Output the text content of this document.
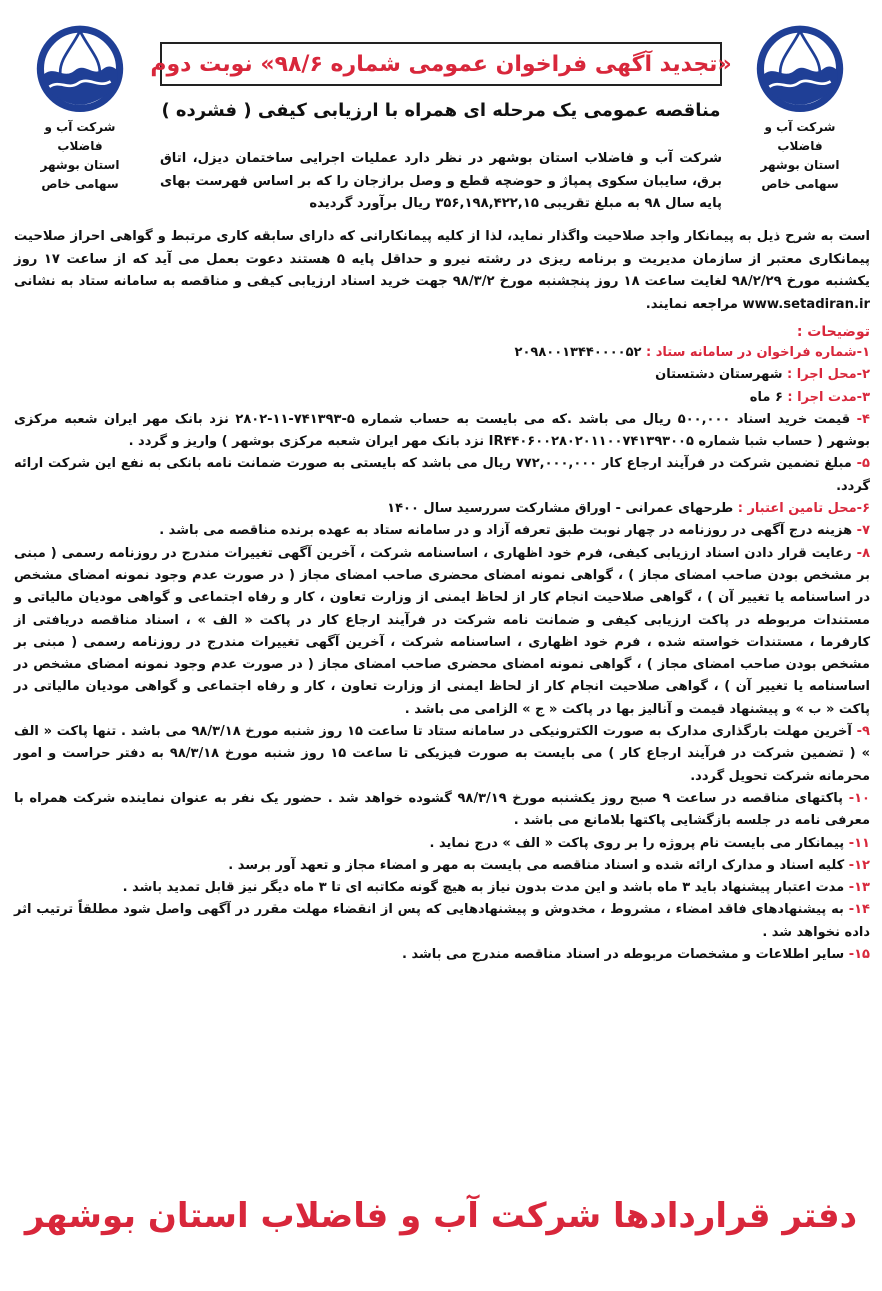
شرکت آب و فاضلاب
استان بوشهر
سهامی خاص
شرکت آب و فاضلاب
استان بوشهر
سهامی خاص
«تجدید آگهی فراخوان عمومی شماره ۹۸/۶» نوبت دوم
مناقصه عمومی یک مرحله ای همراه با ارزیابی کیفی ( فشرده )
شرکت آب و فاضلاب استان بوشهر در نظر دارد عملیات اجرایی ساختمان دیزل، اتاق برق، سایبان سکوی پمپاژ و حوضچه قطع و وصل برازجان را که بر اساس فهرست بهای پایه سال ۹۸ به مبلغ تقریبی ۳۵۶,۱۹۸,۴۲۲,۱۵ ریال برآورد گردیده
است به شرح ذیل به پیمانکار واجد صلاحیت واگذار نماید، لذا از کلیه پیمانکارانی که دارای سابقه کاری مرتبط و گواهی احراز صلاحیت پیمانکاری معتبر از سازمان مدیریت و برنامه ریزی در رشته نیرو و حداقل پایه ۵ هستند دعوت بعمل می آید که از ساعت ۱۷ روز یکشنبه مورخ ۹۸/۲/۲۹ لغایت ساعت ۱۸ روز پنجشنبه مورخ ۹۸/۳/۲ جهت خرید اسناد ارزیابی کیفی و مناقصه به سامانه ستاد به نشانی www.setadiran.ir مراجعه نمایند.
توضیحات :
۱-شماره فراخوان در سامانه ستاد : ۲۰۹۸۰۰۱۳۴۴۰۰۰۰۵۲
۲-محل اجرا : شهرستان دشتستان
۳-مدت اجرا : ۶ ماه
۴- قیمت خرید اسناد ۵۰۰,۰۰۰ ریال می باشد .که می بایست به حساب شماره ۵-۷۴۱۳۹۳-۱۱-۲۸۰۲ نزد بانک مهر ایران شعبه مرکزی بوشهر ( حساب شبا شماره IR۴۴۰۶۰۰۲۸۰۲۰۱۱۰۰۷۴۱۳۹۳۰۰۵ نزد بانک مهر ایران شعبه مرکزی بوشهر ) واریز و گردد .
۵- مبلغ تضمین شرکت در فرآیند ارجاع کار ۷۷۲,۰۰۰,۰۰۰ ریال می باشد که بایستی به صورت ضمانت نامه بانکی به نفع این شرکت ارائه گردد.
۶-محل تامین اعتبار : طرحهای عمرانی - اوراق مشارکت سررسید سال ۱۴۰۰
۷- هزینه درج آگهی در روزنامه در چهار نوبت طبق تعرفه آزاد و در سامانه ستاد به عهده برنده مناقصه می باشد .
۸- رعایت قرار دادن اسناد ارزیابی کیفی، فرم خود اظهاری ، اساسنامه شرکت ، آخرین آگهی تغییرات مندرج در روزنامه رسمی ( مبنی بر مشخص بودن صاحب امضای مجاز ) ، گواهی نمونه امضای محضری صاحب امضای مجاز ( در صورت عدم وجود نمونه امضای مشخص در اساسنامه یا تغییر آن ) ، گواهی صلاحیت انجام کار از لحاظ ایمنی از وزارت تعاون ، کار و رفاه اجتماعی و گواهی مودیان مالیاتی و مستندات مربوطه در پاکت ارزیابی کیفی و ضمانت نامه شرکت در فرآیند ارجاع کار در پاکت « الف » ، اسناد مناقصه دریافتی از کارفرما ، مستندات خواسته شده ، فرم خود اظهاری ، اساسنامه شرکت ، آخرین آگهی تغییرات مندرج در روزنامه رسمی ( مبنی بر مشخص بودن صاحب امضای مجاز ) ، گواهی نمونه امضای محضری صاحب امضای مجاز ( در صورت عدم وجود نمونه امضای مشخص در اساسنامه یا تغییر آن ) ، گواهی صلاحیت انجام کار از لحاظ ایمنی از وزارت تعاون ، کار و رفاه اجتماعی و گواهی مودیان مالیاتی در پاکت « ب » و پیشنهاد قیمت و آنالیز بها در پاکت « ج » الزامی می باشد .
۹- آخرین مهلت بارگذاری مدارک به صورت الکترونیکی در سامانه ستاد تا ساعت ۱۵ روز شنبه مورخ ۹۸/۳/۱۸ می باشد . تنها پاکت « الف » ( تضمین شرکت در فرآیند ارجاع کار ) می بایست به صورت فیزیکی تا ساعت ۱۵ روز شنبه مورخ ۹۸/۳/۱۸ به دفتر حراست و امور محرمانه شرکت تحویل گردد.
۱۰- پاکتهای مناقصه در ساعت ۹ صبح روز یکشنبه مورخ ۹۸/۳/۱۹ گشوده خواهد شد . حضور یک نفر به عنوان نماینده شرکت همراه با معرفی نامه در جلسه بازگشایی پاکتها بلامانع می باشد .
۱۱- پیمانکار می بایست نام پروژه را بر روی پاکت « الف » درج نماید .
۱۲- کلیه اسناد و مدارک ارائه شده و اسناد مناقصه می بایست به مهر و امضاء مجاز و تعهد آور برسد .
۱۳- مدت اعتبار پیشنهاد باید ۳ ماه باشد و این مدت بدون نیاز به هیچ گونه مکاتبه ای تا ۳ ماه دیگر نیز قابل تمدید باشد .
۱۴- به پیشنهادهای فاقد امضاء ، مشروط ، مخدوش و پیشنهادهایی که پس از انقضاء مهلت مقرر در آگهی واصل شود مطلقاً ترتیب اثر داده نخواهد شد .
۱۵- سایر اطلاعات و مشخصات مربوطه در اسناد مناقصه مندرج می باشد .
دفتر قراردادها شرکت آب و فاضلاب استان بوشهر
